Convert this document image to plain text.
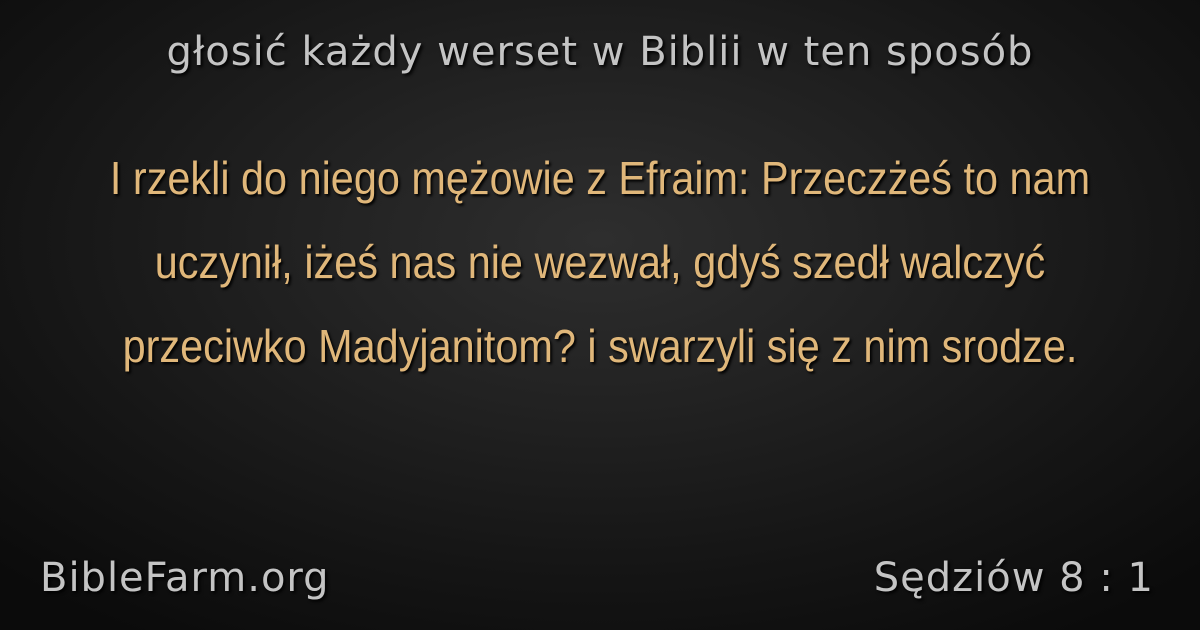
głosić każdy werset w Biblii w ten sposób

I rzekli do niego mężowie z Efraim: Przeczżeś to nam uczynił, iżeś nas nie wezwał, gdyś szedł walczyć przeciwko Madyjanitom? i swarzyli się z nim srodze.

BibleFarm.org	Sędziów 8 : 1
